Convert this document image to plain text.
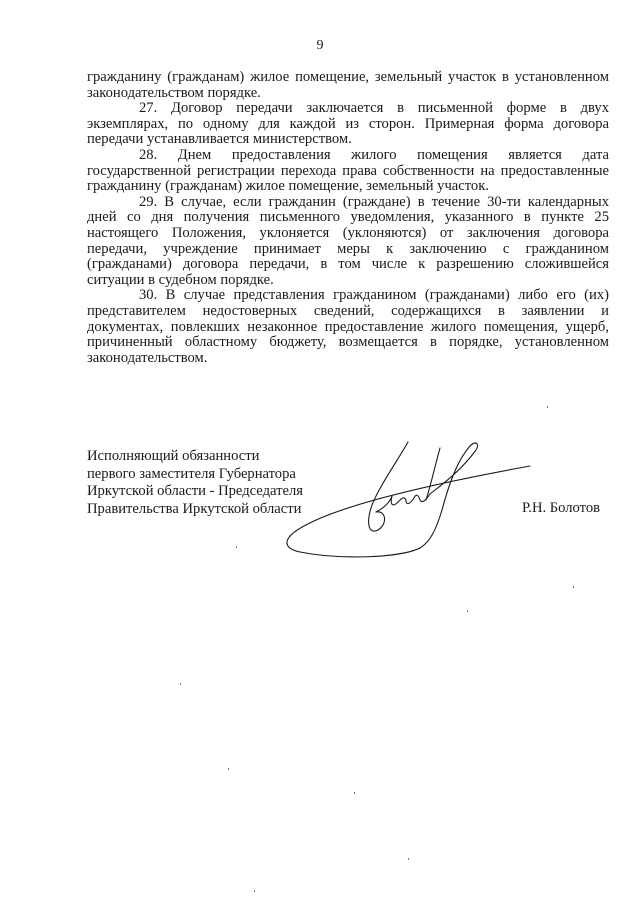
9

гражданину (гражданам) жилое помещение, земельный участок в установленном законодательством порядке.

27. Договор передачи заключается в письменной форме в двух экземплярах, по одному для каждой из сторон. Примерная форма договора передачи устанавливается министерством.

28. Днем предоставления жилого помещения является дата государственной регистрации перехода права собственности на предоставленные гражданину (гражданам) жилое помещение, земельный участок.

29. В случае, если гражданин (граждане) в течение 30-ти календарных дней со дня получения письменного уведомления, указанного в пункте 25 настоящего Положения, уклоняется (уклоняются) от заключения договора передачи, учреждение принимает меры к заключению с гражданином (гражданами) договора передачи, в том числе к разрешению сложившейся ситуации в судебном порядке.

30. В случае представления гражданином (гражданами) либо его (их) представителем недостоверных сведений, содержащихся в заявлении и документах, повлекших незаконное предоставление жилого помещения, ущерб, причиненный областному бюджету, возмещается в порядке, установленном законодательством.

Исполняющий обязанности
первого заместителя Губернатора
Иркутской области - Председателя
Правительства Иркутской области	Р.Н. Болотов
